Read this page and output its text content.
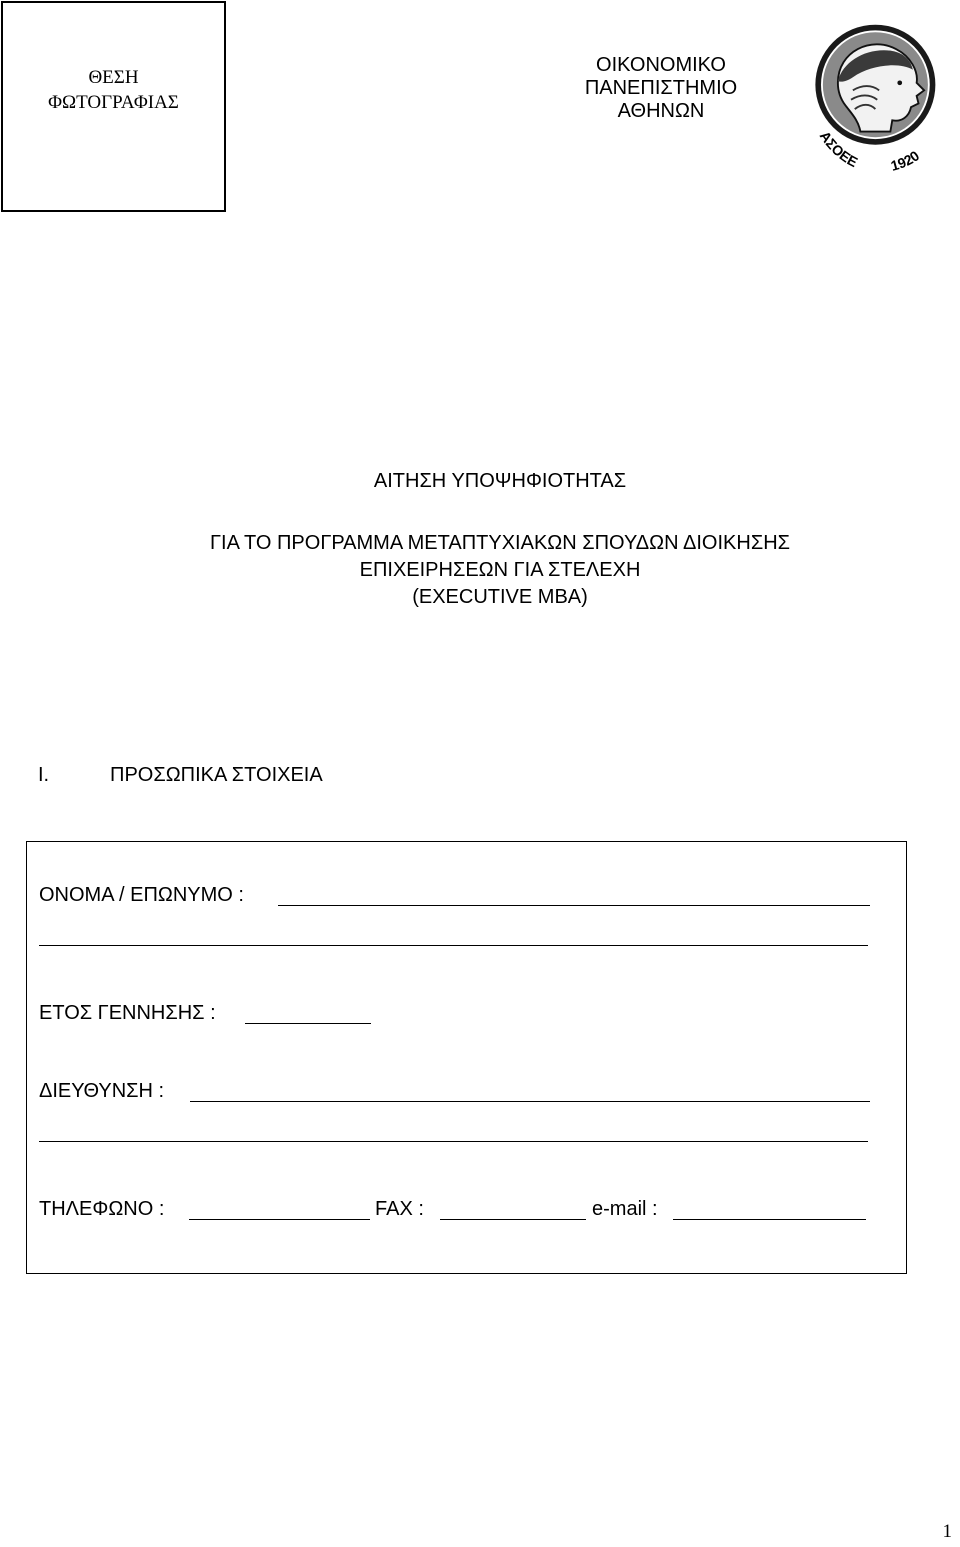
ΘΕΣΗ
ΦΩΤΟΓΡΑΦΙΑΣ
ΟΙΚΟΝΟΜΙΚΟ
ΠΑΝΕΠΙΣΤΗΜΙΟ
ΑΘΗΝΩΝ
ΑΣΟΕΕ 1920
ΑΙΤΗΣΗ ΥΠΟΨΗΦΙΟΤΗΤΑΣ
ΓΙΑ ΤΟ ΠΡΟΓΡΑΜΜΑ ΜΕΤΑΠΤΥΧΙΑΚΩΝ ΣΠΟΥΔΩΝ ΔΙΟΙΚΗΣΗΣ
ΕΠΙΧΕΙΡΗΣΕΩΝ ΓΙΑ ΣΤΕΛΕΧΗ
(EXECUTIVE MBA)
I.	ΠΡΟΣΩΠΙΚΑ ΣΤΟΙΧΕΙΑ
ΟΝΟΜΑ / ΕΠΩΝΥΜΟ :
ΕΤΟΣ ΓΕΝΝΗΣΗΣ :
ΔΙΕΥΘΥΝΣΗ :
ΤΗΛΕΦΩΝΟ :	FAX :	e-mail :
1
